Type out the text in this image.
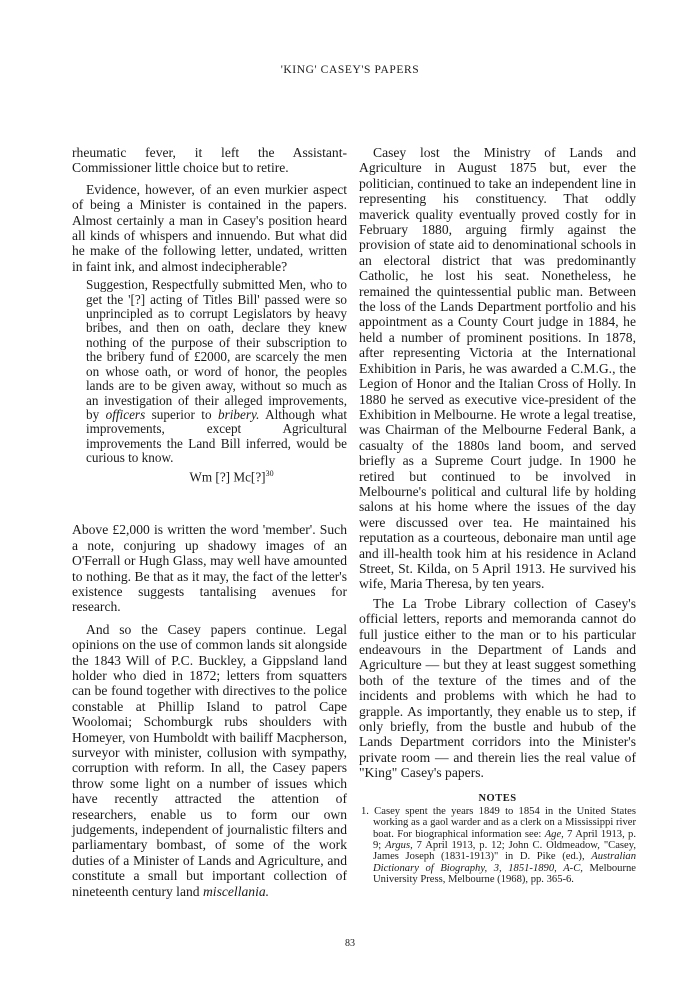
'KING' CASEY'S PAPERS

rheumatic fever, it left the Assistant-Commissioner little choice but to retire.

Evidence, however, of an even murkier aspect of being a Minister is contained in the papers. Almost certainly a man in Casey's position heard all kinds of whispers and innuendo. But what did he make of the following letter, undated, written in faint ink, and almost indecipherable?

Suggestion, Respectfully submitted Men, who to get the '[?] acting of Titles Bill' passed were so unprincipled as to corrupt Legislators by heavy bribes, and then on oath, declare they knew nothing of the purpose of their subscription to the bribery fund of £2000, are scarcely the men on whose oath, or word of honor, the peoples lands are to be given away, without so much as an investigation of their alleged improvements, by officers superior to bribery. Although what improvements, except Agricultural improvements the Land Bill inferred, would be curious to know.
Wm [?] Mc[?]$^{30}$

Above £2,000 is written the word 'member'. Such a note, conjuring up shadowy images of an O'Ferrall or Hugh Glass, may well have amounted to nothing. Be that as it may, the fact of the letter's existence suggests tantalising avenues for research.

And so the Casey papers continue. Legal opinions on the use of common lands sit alongside the 1843 Will of P.C. Buckley, a Gippsland land holder who died in 1872; letters from squatters can be found together with directives to the police constable at Phillip Island to patrol Cape Woolomai; Schomburgk rubs shoulders with Homeyer, von Humboldt with bailiff Macpherson, surveyor with minister, collusion with sympathy, corruption with reform. In all, the Casey papers throw some light on a number of issues which have recently attracted the attention of researchers, enable us to form our own judgements, independent of journalistic filters and parliamentary bombast, of some of the work duties of a Minister of Lands and Agriculture, and constitute a small but important collection of nineteenth century land miscellania.

Casey lost the Ministry of Lands and Agriculture in August 1875 but, ever the politician, continued to take an independent line in representing his constituency. That oddly maverick quality eventually proved costly for in February 1880, arguing firmly against the provision of state aid to denominational schools in an electoral district that was predominantly Catholic, he lost his seat. Nonetheless, he remained the quintessential public man. Between the loss of the Lands Department portfolio and his appointment as a County Court judge in 1884, he held a number of prominent positions. In 1878, after representing Victoria at the International Exhibition in Paris, he was awarded a C.M.G., the Legion of Honor and the Italian Cross of Holly. In 1880 he served as executive vice-president of the Exhibition in Melbourne. He wrote a legal treatise, was Chairman of the Melbourne Federal Bank, a casualty of the 1880s land boom, and served briefly as a Supreme Court judge. In 1900 he retired but continued to be involved in Melbourne's political and cultural life by holding salons at his home where the issues of the day were discussed over tea. He maintained his reputation as a courteous, debonaire man until age and ill-health took him at his residence in Acland Street, St. Kilda, on 5 April 1913. He survived his wife, Maria Theresa, by ten years.

The La Trobe Library collection of Casey's official letters, reports and memoranda cannot do full justice either to the man or to his particular endeavours in the Department of Lands and Agriculture — but they at least suggest something both of the texture of the times and of the incidents and problems with which he had to grapple. As importantly, they enable us to step, if only briefly, from the bustle and hubub of the Lands Department corridors into the Minister's private room — and therein lies the real value of "King" Casey's papers.

NOTES

1. Casey spent the years 1849 to 1854 in the United States working as a gaol warder and as a clerk on a Mississippi river boat. For biographical information see: Age, 7 April 1913, p. 9; Argus, 7 April 1913, p. 12; John C. Oldmeadow, "Casey, James Joseph (1831-1913)" in D. Pike (ed.), Australian Dictionary of Biography, 3, 1851-1890, A-C, Melbourne University Press, Melbourne (1968), pp. 365-6.

83
